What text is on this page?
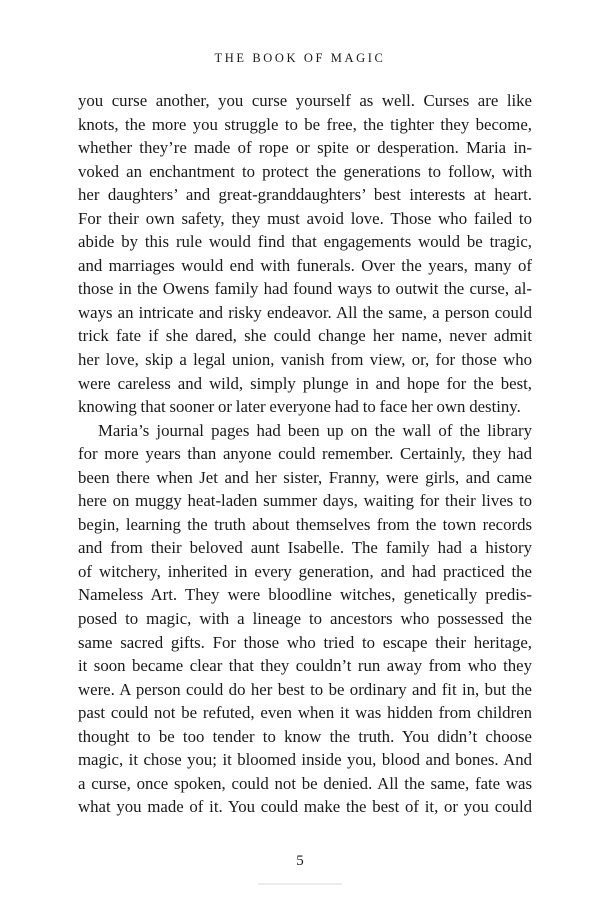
THE BOOK OF MAGIC
you curse another, you curse yourself as well. Curses are like
knots, the more you struggle to be free, the tighter they become,
whether they’re made of rope or spite or desperation. Maria in-
voked an enchantment to protect the generations to follow, with
her daughters’ and great-granddaughters’ best interests at heart.
For their own safety, they must avoid love. Those who failed to
abide by this rule would find that engagements would be tragic,
and marriages would end with funerals. Over the years, many of
those in the Owens family had found ways to outwit the curse, al-
ways an intricate and risky endeavor. All the same, a person could
trick fate if she dared, she could change her name, never admit
her love, skip a legal union, vanish from view, or, for those who
were careless and wild, simply plunge in and hope for the best,
knowing that sooner or later everyone had to face her own destiny.
Maria’s journal pages had been up on the wall of the library
for more years than anyone could remember. Certainly, they had
been there when Jet and her sister, Franny, were girls, and came
here on muggy heat-laden summer days, waiting for their lives to
begin, learning the truth about themselves from the town records
and from their beloved aunt Isabelle. The family had a history
of witchery, inherited in every generation, and had practiced the
Nameless Art. They were bloodline witches, genetically predis-
posed to magic, with a lineage to ancestors who possessed the
same sacred gifts. For those who tried to escape their heritage,
it soon became clear that they couldn’t run away from who they
were. A person could do her best to be ordinary and fit in, but the
past could not be refuted, even when it was hidden from children
thought to be too tender to know the truth. You didn’t choose
magic, it chose you; it bloomed inside you, blood and bones. And
a curse, once spoken, could not be denied. All the same, fate was
what you made of it. You could make the best of it, or you could
5
